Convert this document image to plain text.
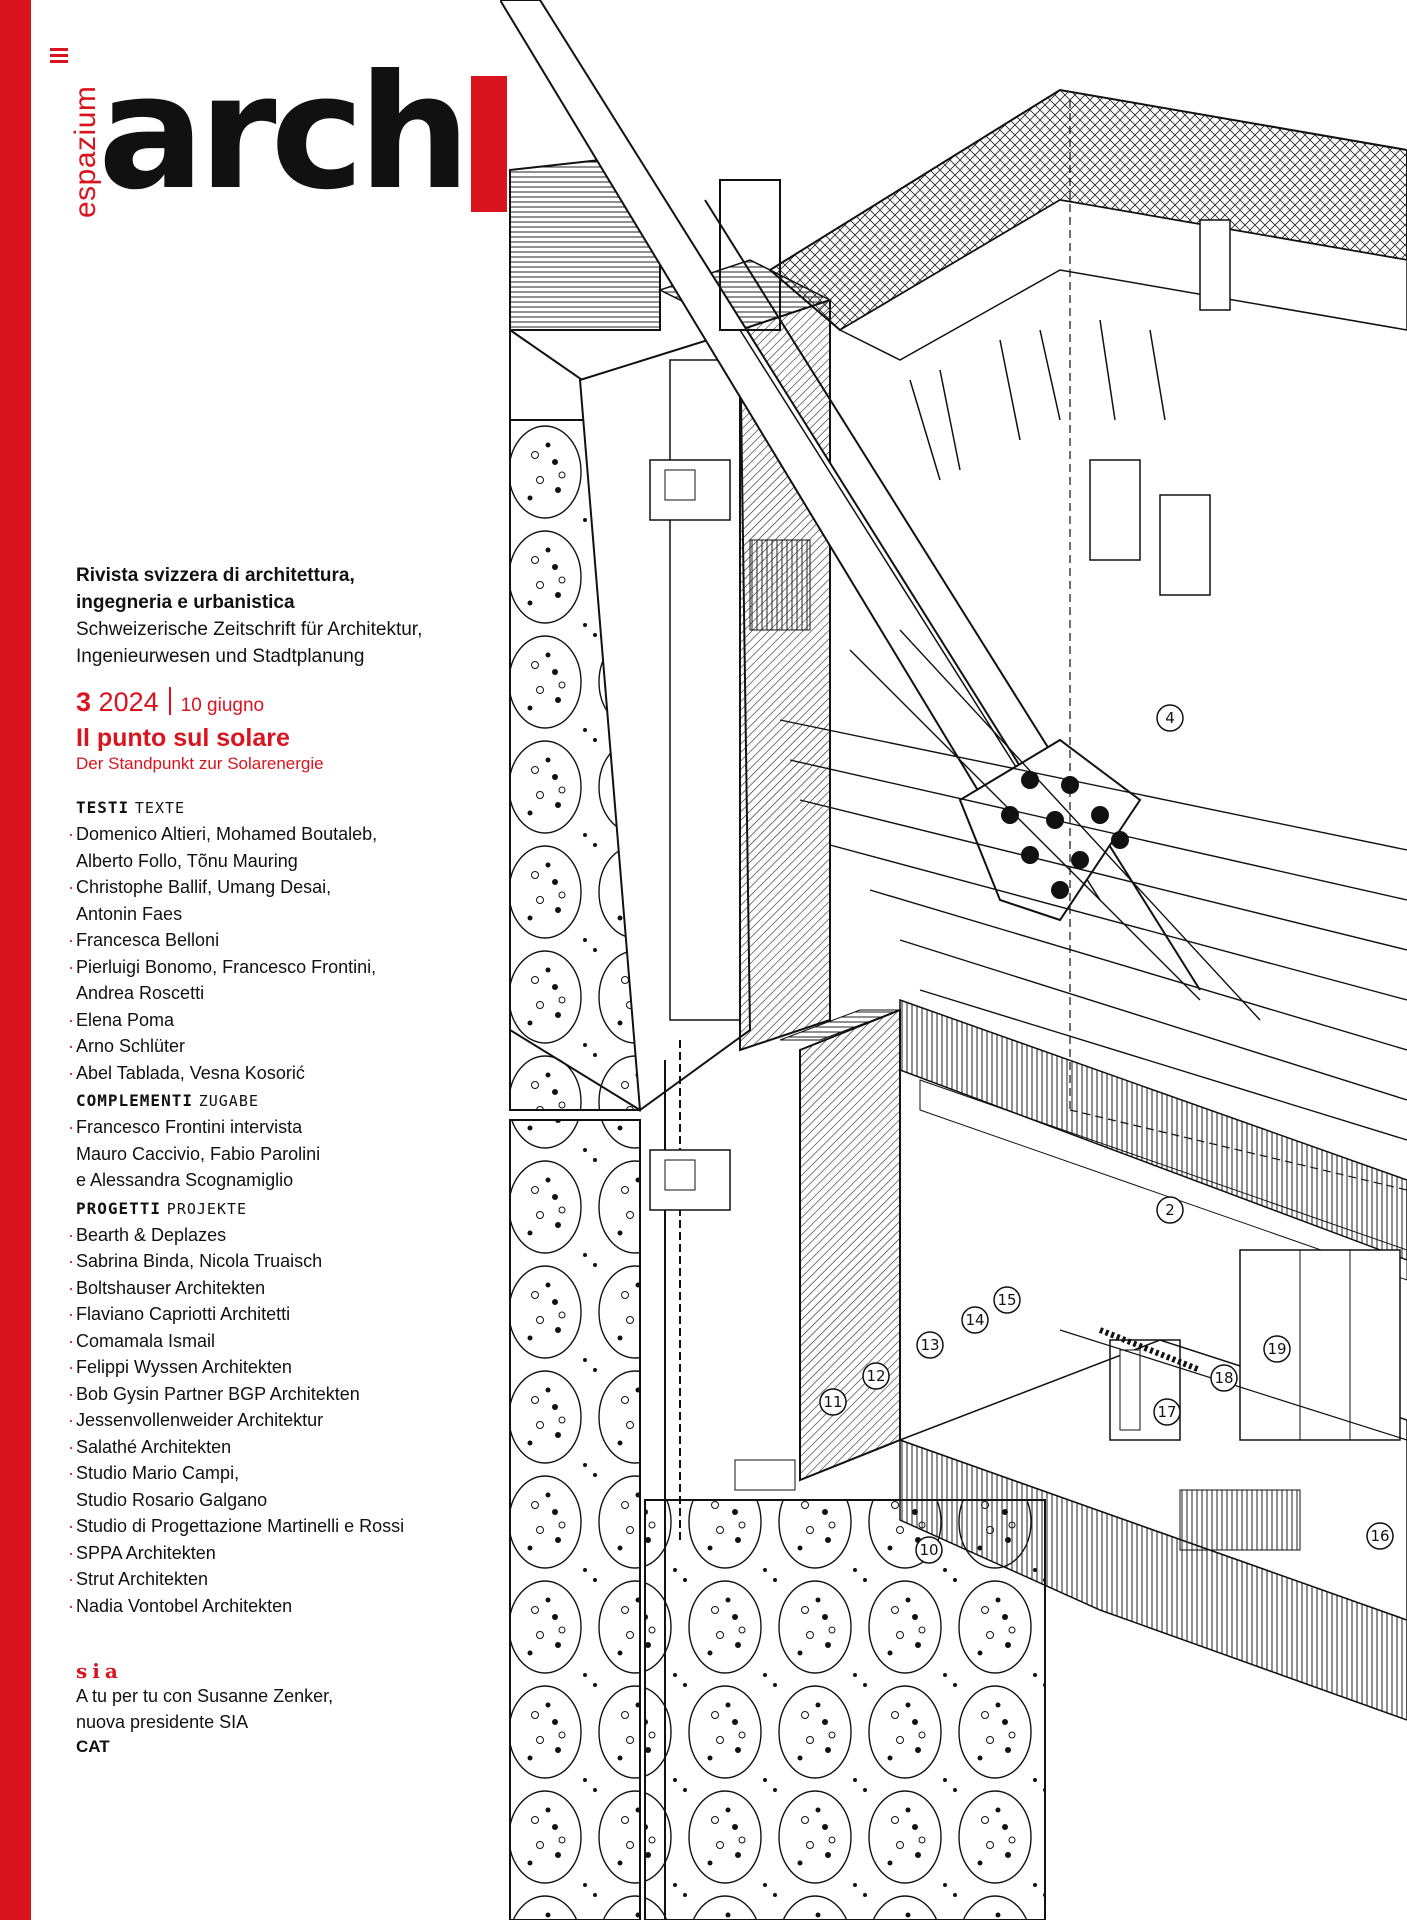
espazium
arch
4
2
15
14
13
12
11
19
18
17
10
16
Rivista svizzera di architettura,
ingegneria e urbanistica
Schweizerische Zeitschrift für Architektur,
Ingenieurwesen und Stadtplanung
3 2024 10 giugno
Il punto sul solare
Der Standpunkt zur Solarenergie
TESTI TEXTE
· Domenico Altieri, Mohamed Boutaleb,
Alberto Follo, Tõnu Mauring
· Christophe Ballif, Umang Desai,
Antonin Faes
· Francesca Belloni
· Pierluigi Bonomo, Francesco Frontini,
Andrea Roscetti
· Elena Poma
· Arno Schlüter
· Abel Tablada, Vesna Kosorić
COMPLEMENTI ZUGABE
· Francesco Frontini intervista
Mauro Caccivio, Fabio Parolini
e Alessandra Scognamiglio
PROGETTI PROJEKTE
· Bearth & Deplazes
· Sabrina Binda, Nicola Truaisch
· Boltshauser Architekten
· Flaviano Capriotti Architetti
· Comamala Ismail
· Felippi Wyssen Architekten
· Bob Gysin Partner BGP Architekten
· Jessenvollenweider Architektur
· Salathé Architekten
· Studio Mario Campi,
Studio Rosario Galgano
· Studio di Progettazione Martinelli e Rossi
· SPPA Architekten
· Strut Architekten
· Nadia Vontobel Architekten
sia
A tu per tu con Susanne Zenker,
nuova presidente SIA
CAT
